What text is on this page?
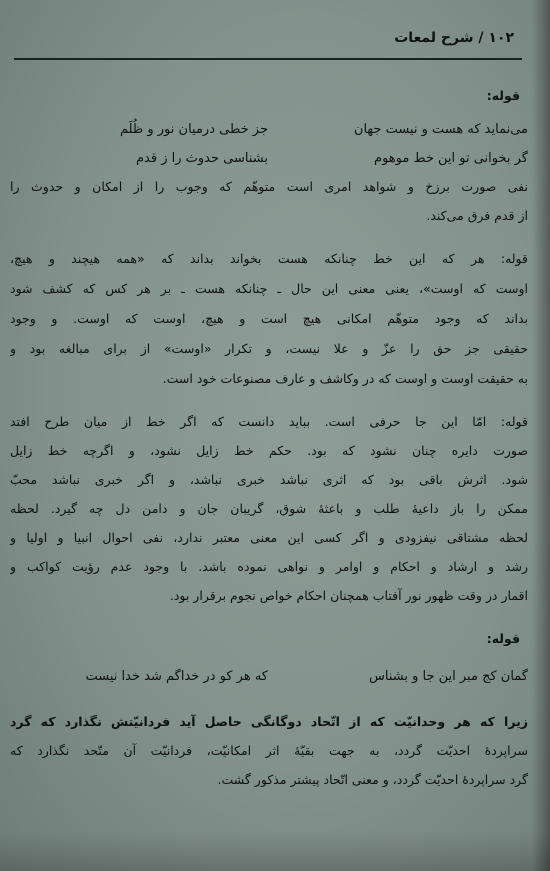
۱۰۲ / شرح لمعات
قوله:
می‌نماید که هست و نیست جهان
جز خطی درمیان نور و ظُلَم
گر بخوانی تو این خط موهوم
بشناسی حدوث را ز قدم
نفی صورت برزخ و شواهد امری است متوهّم که وجوب را از امکان و حدوث را
از قدم فرق می‌کند.
قوله: هر که این خط چنانکه هست بخواند بداند که «همه هیچند و هیچ،
اوست که اوست»، یعنی معنی این حال ـ چنانکه هست ـ بر هر کس که کشف شود
بداند که وجود متوهّم امکانی هیچ است و هیچ، اوست که اوست. و وجود
حقیقی جز حق را عزّ و علا نیست، و تکرار «اوست» از برای مبالغه بود و
به حقیقت اوست و اوست که در وکاشف و عارف مصنوعات خود است.
قوله: امّا این جا حرفی است. بباید دانست که اگر خط از میان طرح افتد
صورت دایره چنان نشود که بود. حکم خط زایل نشود، و اگرچه خط زایل
شود. اثرش باقی بود که اثری نباشد خبری نباشد، و اگر خبری نباشد محبّ
ممکن را باز داعیهٔ طلب و باعثهٔ شوق، گریبان جان و دامن دل چه گیرد. لحظه
لحظه مشتاقی نیفزودی و اگر کسی این معنی معتبر ندارد، نفی احوال انبیا و اولیا و
رشد و ارشاد و احکام و اوامر و نواهی نموده باشد. با وجود عدم رؤیت کواکب و
اقمار در وقت ظهور نور آفتاب همچنان احکام خواص نجوم برقرار بود.
قوله:
گمان کج مبر این جا و بشناس
که هر کو در خداگم شد خدا نیست
زیرا که هر وحدانیّت که از اتّحاد دوگانگی حاصل آید فردانیّتش نگذارد که گرد
سراپردهٔ احدیّت گردد، به جهت بقیّهٔ اثر امکانیّت، فردانیّت آن متّحد نگذارد که
گرد سراپردهٔ احدیّت گردد، و معنی اتّحاد پیشتر مذکور گشت.
